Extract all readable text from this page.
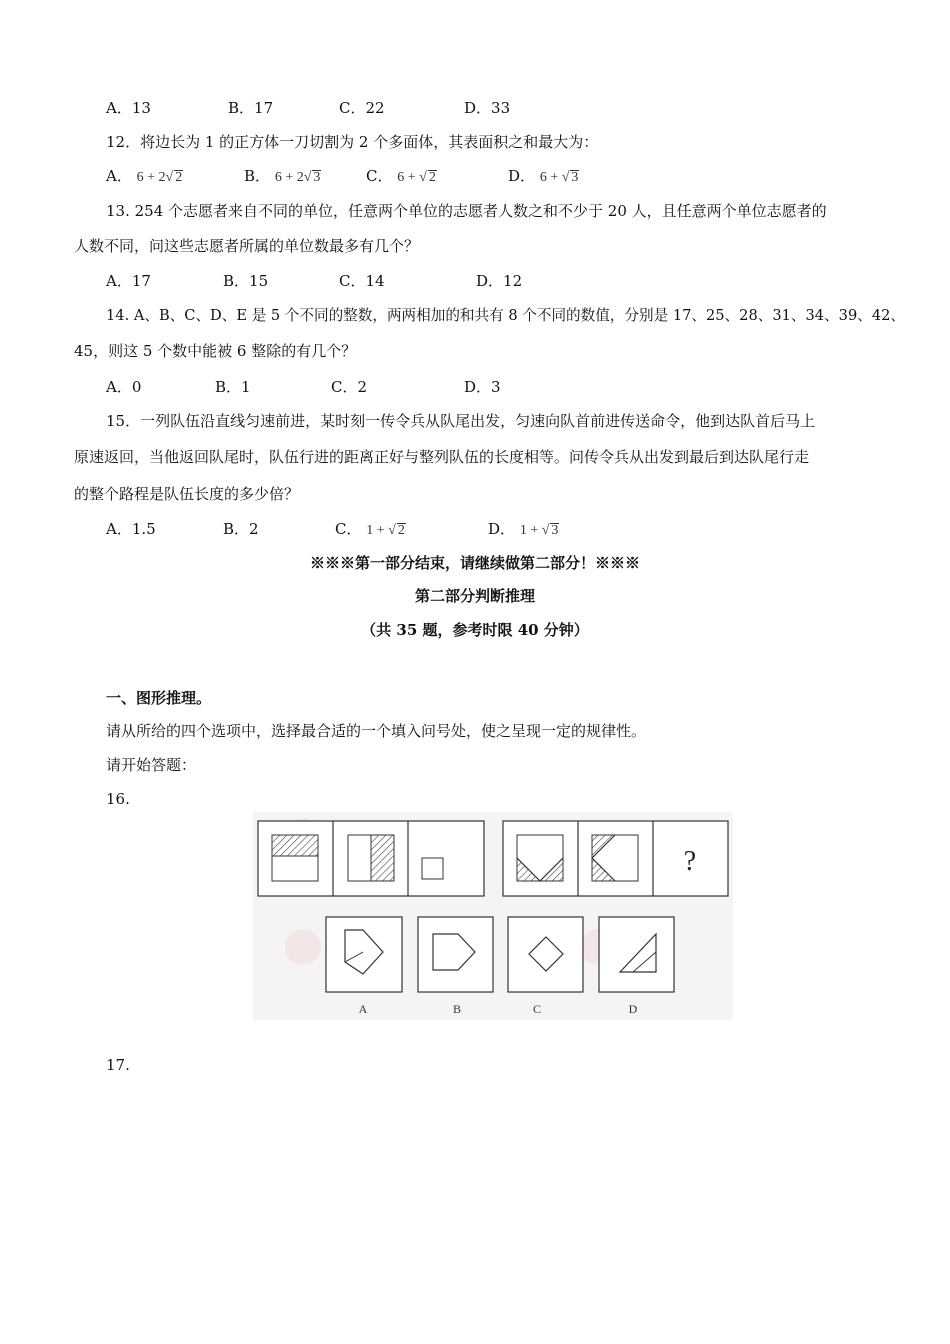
A．13	B．17	C．22	D．33
12．将边长为 1 的正方体一刀切割为 2 个多面体，其表面积之和最大为：
A． 6 + 2√ 2	B． 6 + 2√ 3	C． 6 + √ 2	D． 6 + √ 3
13. 254 个志愿者来自不同的单位，任意两个单位的志愿者人数之和不少于 20 人，且任意两个单位志愿者的
人数不同，问这些志愿者所属的单位数最多有几个？
A．17	B．15	C．14	D．12
14. A、B、C、D、E 是 5 个不同的整数，两两相加的和共有 8 个不同的数值，分别是 17、25、28、31、34、39、42、
45，则这 5 个数中能被 6 整除的有几个？
A．0	B．1	C．2	D．3
15．一列队伍沿直线匀速前进，某时刻一传令兵从队尾出发，匀速向队首前进传送命令，他到达队首后马上
原速返回，当他返回队尾时，队伍行进的距离正好与整列队伍的长度相等。问传令兵从出发到最后到达队尾行走
的整个路程是队伍长度的多少倍？
A．1.5	B．2	C． 1 + √ 2	D． 1 + √ 3
※※※第一部分结束，请继续做第二部分！※※※
第二部分判断推理
（共 35 题，参考时限 40 分钟）
一、图形推理。
请从所给的四个选项中，选择最合适的一个填入问号处，使之呈现一定的规律性。
请开始答题：
16.
?
A	B	C	D
17.
